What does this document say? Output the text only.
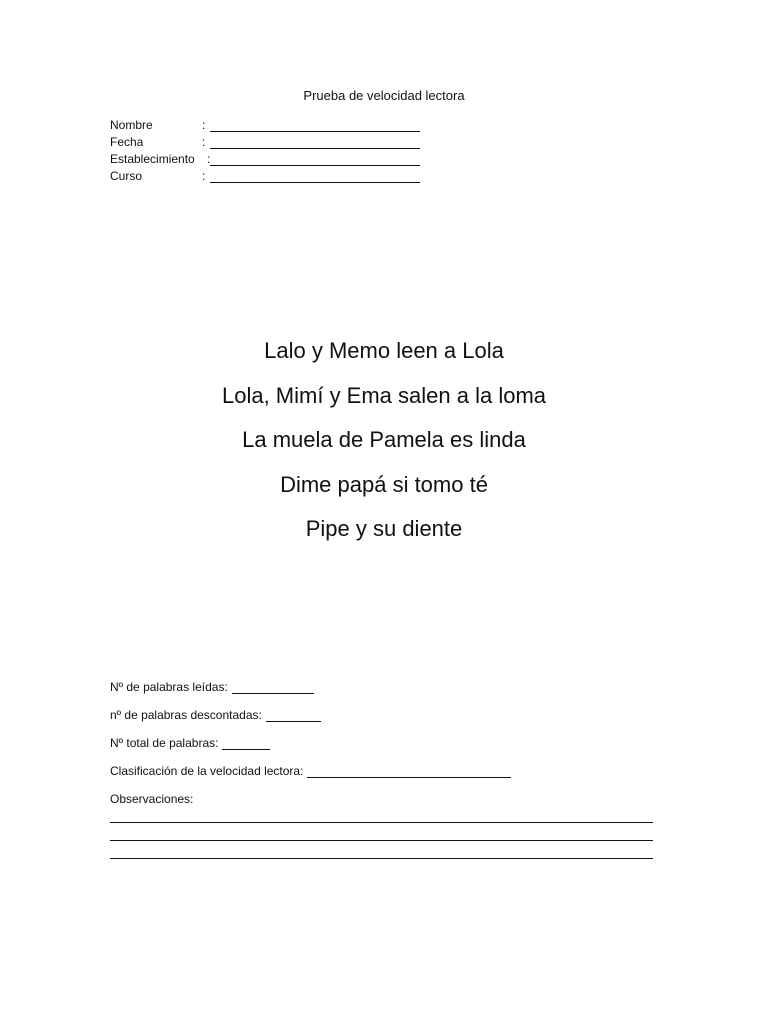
Prueba de velocidad lectora
Nombre	:
Fecha	:
Establecimiento	:
Curso	:
Lalo y Memo leen a Lola
Lola, Mimí y Ema salen a la loma
La muela de Pamela es linda
Dime papá si tomo té
Pipe y su diente
Nº de palabras leídas:
nº de palabras descontadas:
Nº total de palabras:
Clasificación de la velocidad lectora:
Observaciones:
